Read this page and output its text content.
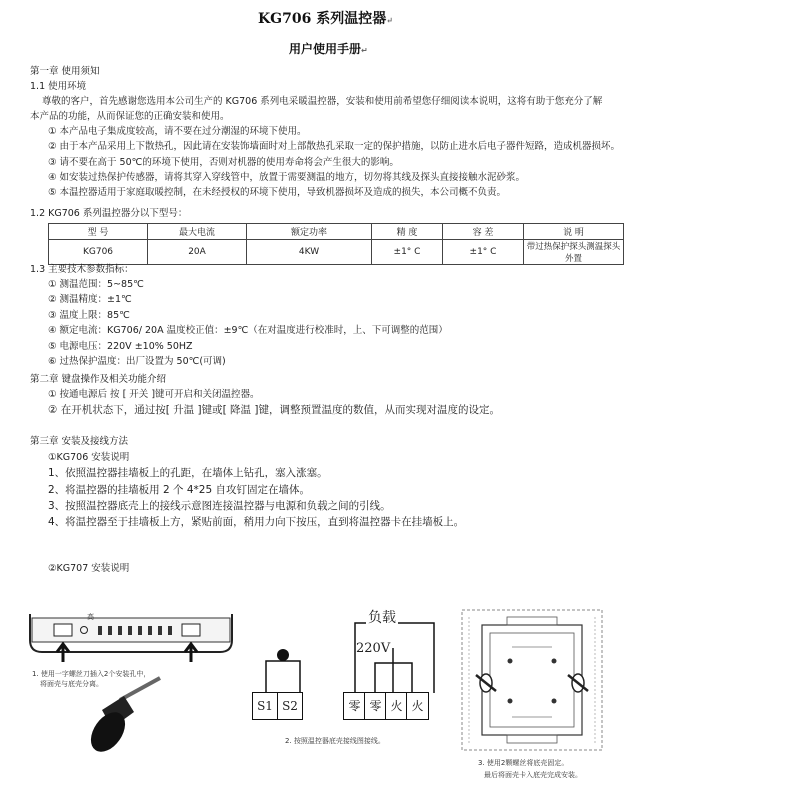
KG706 系列温控器↵
用户使用手册↵
第一章 使用须知
1.1 使用环境
尊敬的客户，首先感谢您选用本公司生产的 KG706 系列电采暖温控器，安装和使用前希望您仔细阅读本说明，这将有助于您充分了解
本产品的功能，从而保证您的正确安装和使用。
① 本产品电子集成度较高，请不要在过分潮湿的环境下使用。
② 由于本产品采用上下散热孔，因此请在安装饰墙面时对上部散热孔采取一定的保护措施，以防止进水后电子器件短路，造成机器损坏。
③ 请不要在高于 50℃的环境下使用，否则对机器的使用寿命将会产生很大的影响。
④ 如安装过热保护传感器，请将其穿入穿线管中，放置于需要测温的地方，切勿将其线及探头直接接触水泥砂浆。
⑤ 本温控器适用于家庭取暖控制，在未经授权的环境下使用，导致机器损坏及造成的损失，本公司概不负责。
1.2 KG706 系列温控器分以下型号：
型 号	最大电流	额定功率	精 度	容 差	说 明
KG706	20A	4KW	±1° C	±1° C	带过热保护探头测温探头外置
1.3 主要技术参数指标：
① 测温范围：5~85℃
② 测温精度：±1℃
③ 温度上限：85℃
④ 额定电流：KG706/ 20A 温度校正值：±9℃（在对温度进行校准时，上、下可调整的范围）
⑤ 电源电压：220V ±10% 50HZ
⑥ 过热保护温度：出厂设置为 50℃(可调)
第二章 键盘操作及相关功能介绍
① 按通电源后 按 [ 开关 ]键可开启和关闭温控器。
② 在开机状态下，通过按[ 升温 ]键或[ 降温 ]键，调整预置温度的数值，从而实现对温度的设定。
第三章 安装及接线方法
①KG706 安装说明
1、依照温控器挂墙板上的孔距，在墙体上钻孔，塞入涨塞。
2、将温控器的挂墙板用 2 个 4*25 自攻钉固定在墙体。
3、按照温控器底壳上的接线示意图连接温控器与电源和负载之间的引线。
4、将温控器至于挂墙板上方，紧贴前面，稍用力向下按压，直到将温控器卡在挂墙板上。
②KG707 安装说明
高
1. 使用一字螺丝刀插入2个安装孔中，
将面壳与底壳分离。
负载
220V
S1 S2	零 零 火 火
2. 按照温控器底壳接线图接线。
3. 使用2颗螺丝将底壳固定。
最后将面壳卡入底壳完成安装。
